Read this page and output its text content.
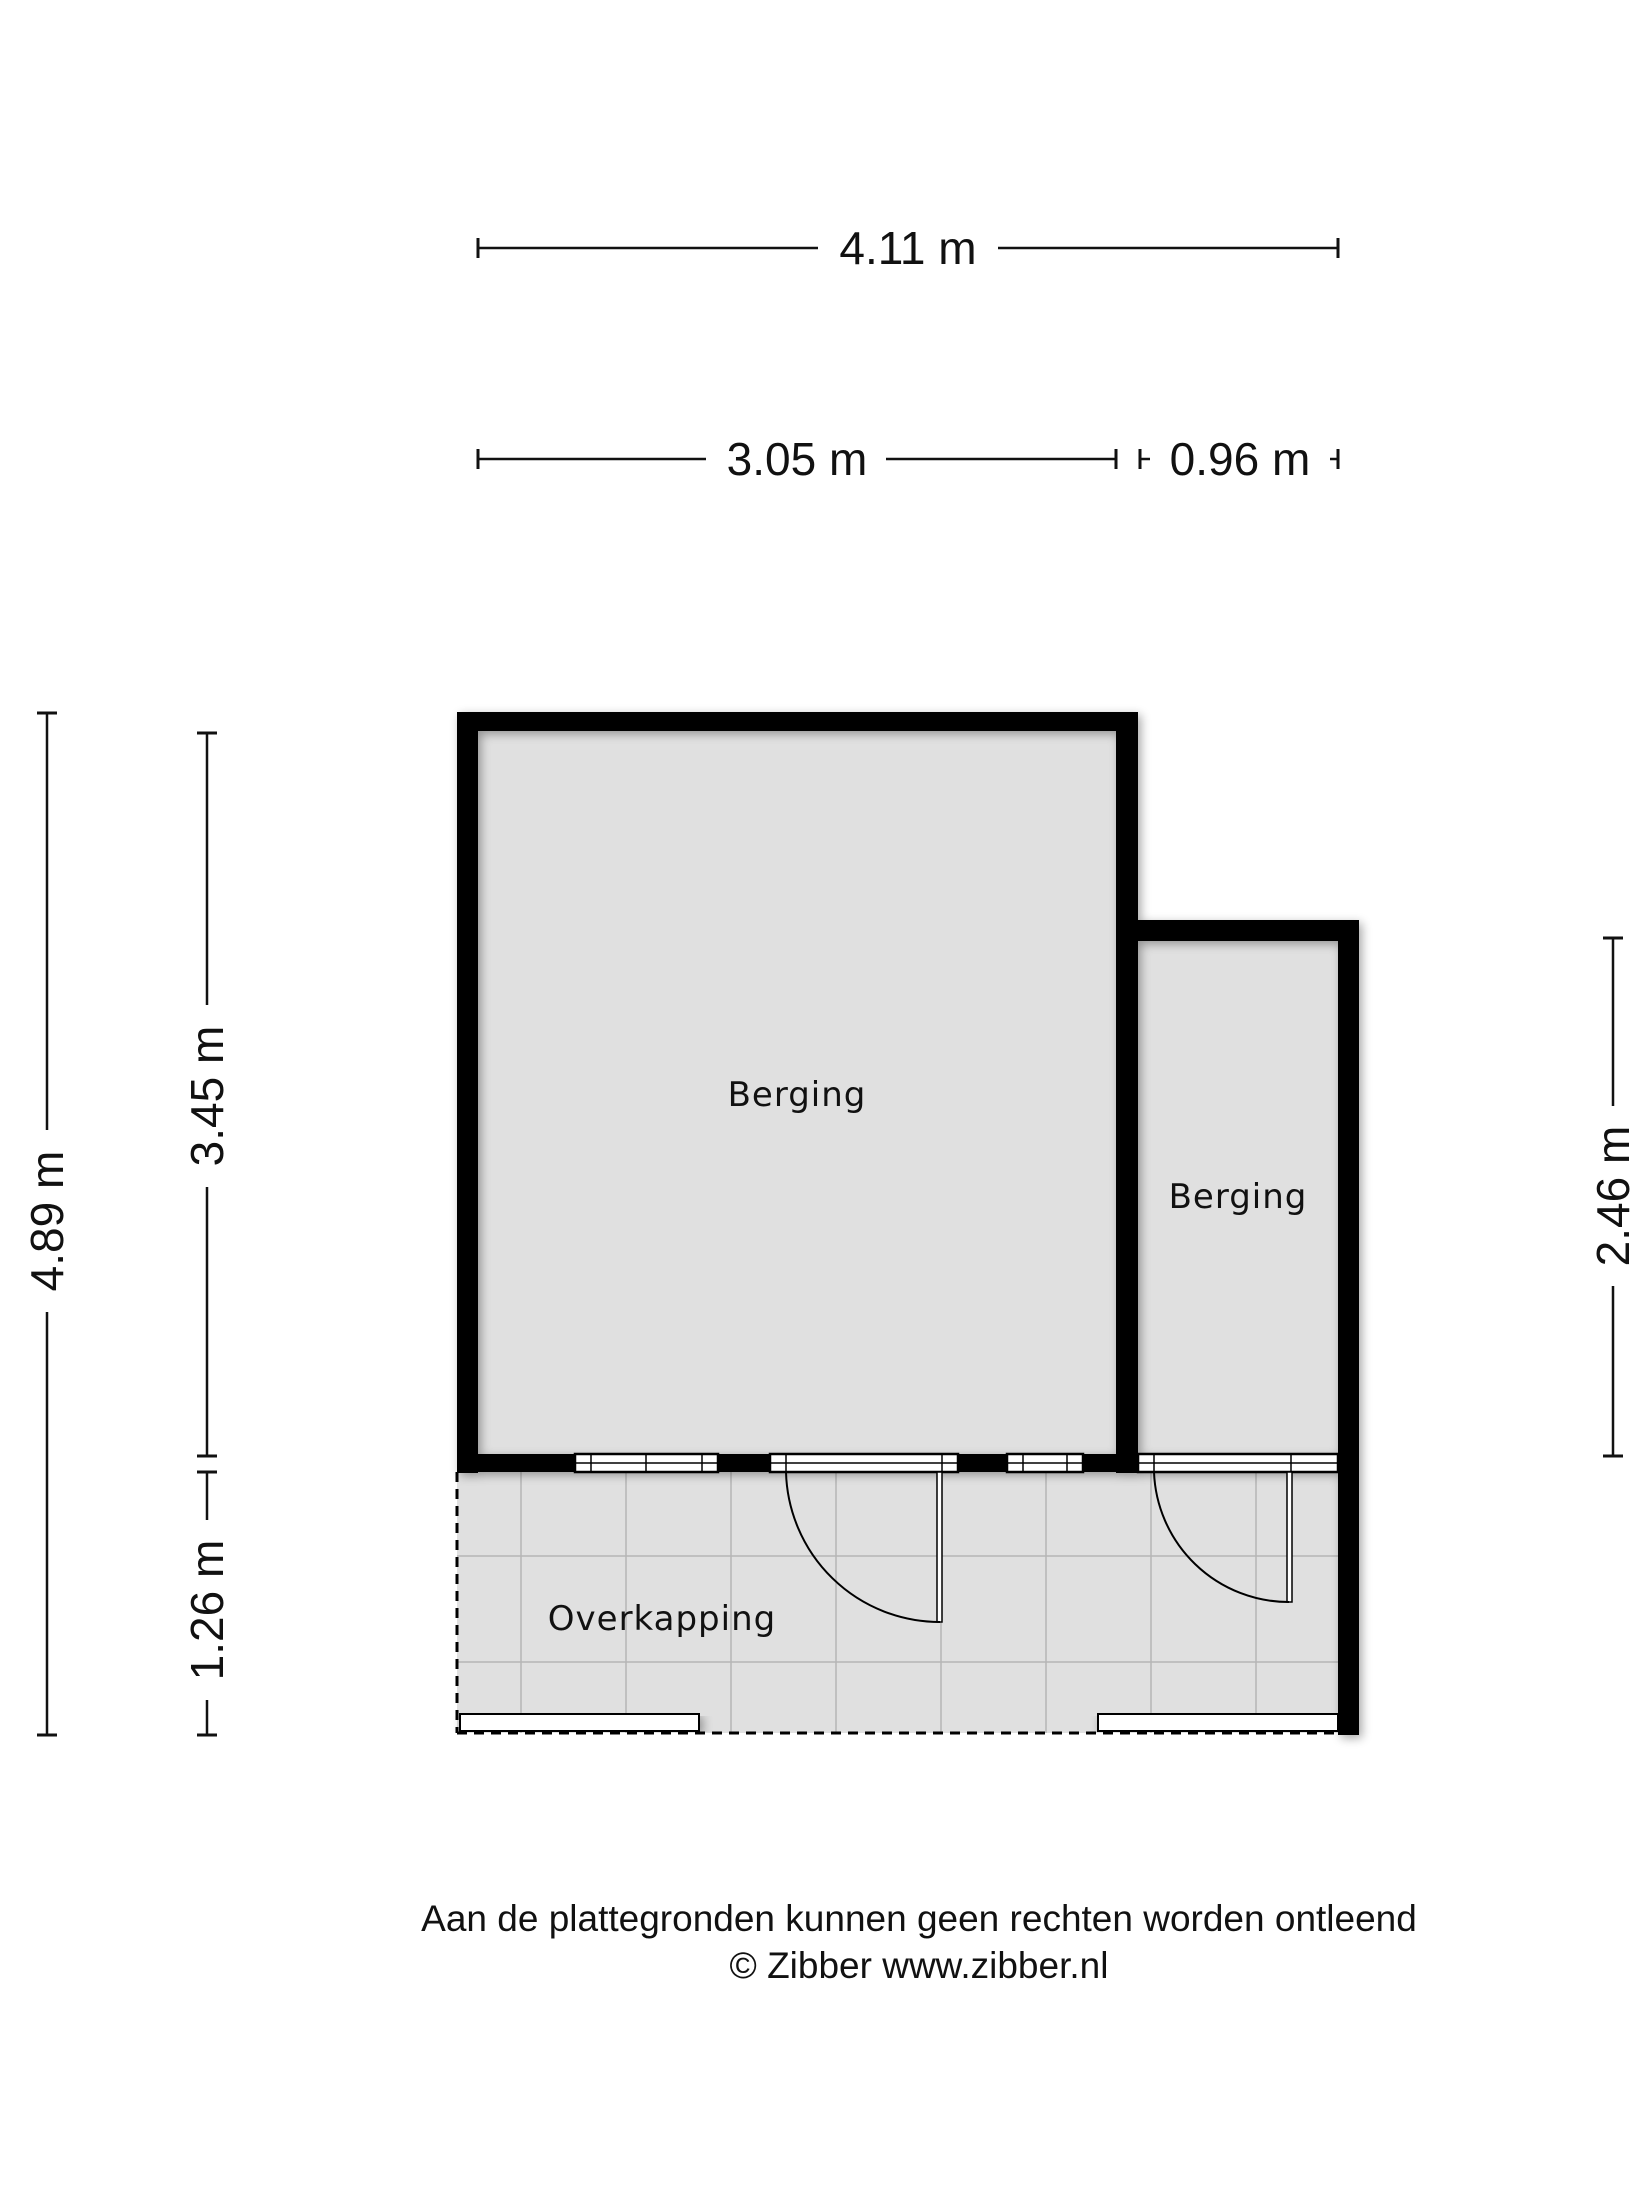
4.11 m
3.05 m	0.96 m
4.89 m
3.45 m
1.26 m
2.46 m
Berging
Berging
Overkapping
Aan de plattegronden kunnen geen rechten worden ontleend
© Zibber www.zibber.nl
